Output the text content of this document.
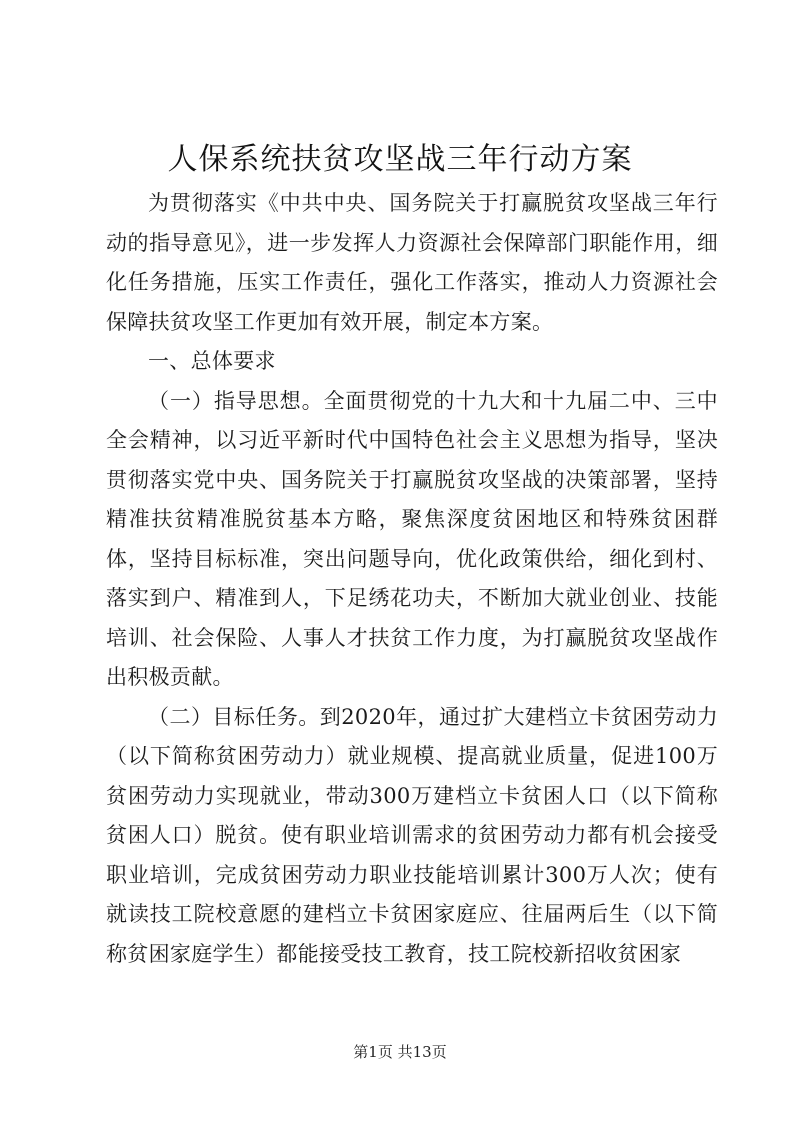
人保系统扶贫攻坚战三年行动方案

为贯彻落实《中共中央、国务院关于打赢脱贫攻坚战三年行动的指导意见》，进一步发挥人力资源社会保障部门职能作用，细化任务措施，压实工作责任，强化工作落实，推动人力资源社会保障扶贫攻坚工作更加有效开展，制定本方案。

一、总体要求

（一）指导思想。全面贯彻党的十九大和十九届二中、三中全会精神，以习近平新时代中国特色社会主义思想为指导，坚决贯彻落实党中央、国务院关于打赢脱贫攻坚战的决策部署，坚持精准扶贫精准脱贫基本方略，聚焦深度贫困地区和特殊贫困群体，坚持目标标准，突出问题导向，优化政策供给，细化到村、落实到户、精准到人，下足绣花功夫，不断加大就业创业、技能培训、社会保险、人事人才扶贫工作力度，为打赢脱贫攻坚战作出积极贡献。

（二）目标任务。到2020年，通过扩大建档立卡贫困劳动力（以下简称贫困劳动力）就业规模、提高就业质量，促进100万贫困劳动力实现就业，带动300万建档立卡贫困人口（以下简称贫困人口）脱贫。使有职业培训需求的贫困劳动力都有机会接受职业培训，完成贫困劳动力职业技能培训累计300万人次；使有就读技工院校意愿的建档立卡贫困家庭应、往届两后生（以下简称贫困家庭学生）都能接受技工教育，技工院校新招收贫困家

第1页 共13页
